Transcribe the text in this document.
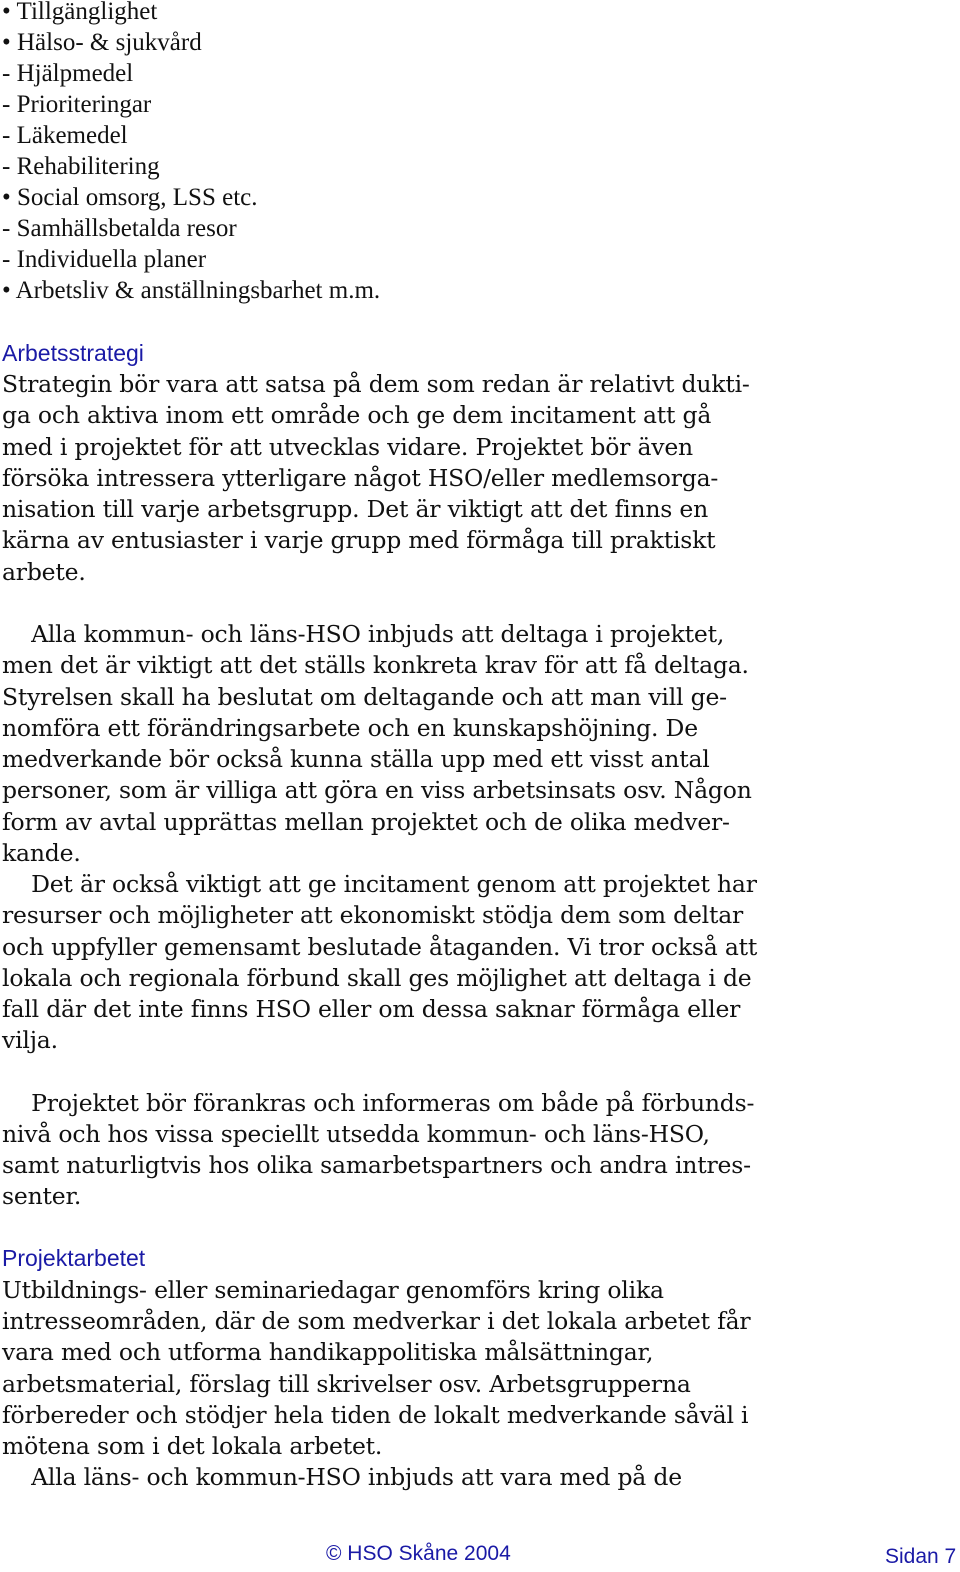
• Tillgänglighet
• Hälso- & sjukvård
- Hjälpmedel
- Prioriteringar
- Läkemedel
- Rehabilitering
• Social omsorg, LSS etc.
- Samhällsbetalda resor
- Individuella planer
• Arbetsliv & anställningsbarhet m.m.
Arbetsstrategi
Strategin bör vara att satsa på dem som redan är relativt dukti-
ga och aktiva inom ett område och ge dem incitament att gå
med i projektet för att utvecklas vidare. Projektet bör även
försöka intressera ytterligare något HSO/eller medlemsorga-
nisation till varje arbetsgrupp. Det är viktigt att det finns en
kärna av entusiaster i varje grupp med förmåga till praktiskt
arbete.
Alla kommun- och läns-HSO inbjuds att deltaga i projektet,
men det är viktigt att det ställs konkreta krav för att få deltaga.
Styrelsen skall ha beslutat om deltagande och att man vill ge-
nomföra ett förändringsarbete och en kunskapshöjning. De
medverkande bör också kunna ställa upp med ett visst antal
personer, som är villiga att göra en viss arbetsinsats osv. Någon
form av avtal upprättas mellan projektet och de olika medver-
kande.
Det är också viktigt att ge incitament genom att projektet har
resurser och möjligheter att ekonomiskt stödja dem som deltar
och uppfyller gemensamt beslutade åtaganden. Vi tror också att
lokala och regionala förbund skall ges möjlighet att deltaga i de
fall där det inte finns HSO eller om dessa saknar förmåga eller
vilja.
Projektet bör förankras och informeras om både på förbunds-
nivå och hos vissa speciellt utsedda kommun- och läns-HSO,
samt naturligtvis hos olika samarbetspartners och andra intres-
senter.
Projektarbetet
Utbildnings- eller seminariedagar genomförs kring olika
intresseområden, där de som medverkar i det lokala arbetet får
vara med och utforma handikappolitiska målsättningar,
arbetsmaterial, förslag till skrivelser osv. Arbetsgrupperna
förbereder och stödjer hela tiden de lokalt medverkande såväl i
mötena som i det lokala arbetet.
Alla läns- och kommun-HSO inbjuds att vara med på de
© HSO Skåne 2004	Sidan 7
